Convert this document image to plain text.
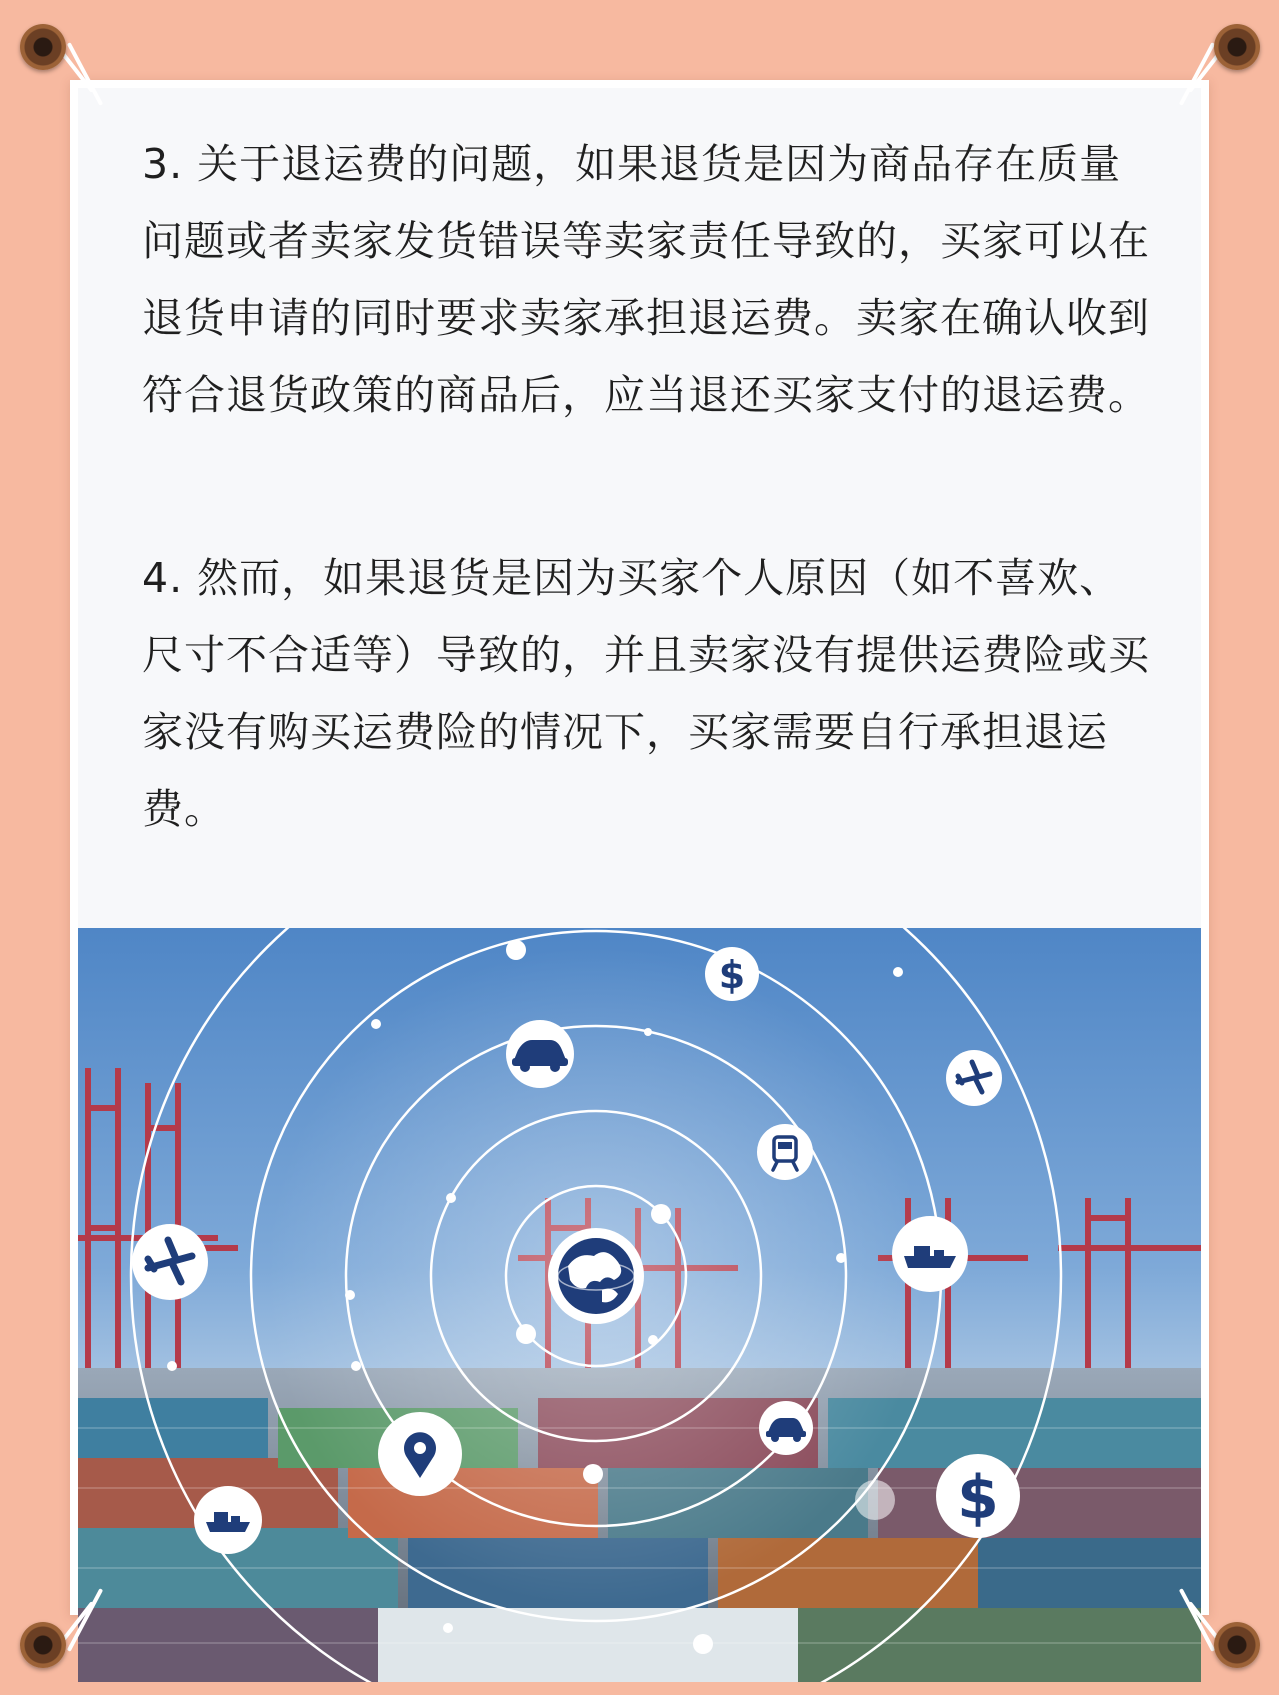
3. 关于退运费的问题，如果退货是因为商品存在质量问题或者卖家发货错误等卖家责任导致的，买家可以在退货申请的同时要求卖家承担退运费。卖家在确认收到符合退货政策的商品后，应当退还买家支付的退运费。

4. 然而，如果退货是因为买家个人原因（如不喜欢、尺寸不合适等）导致的，并且卖家没有提供运费险或买家没有购买运费险的情况下，买家需要自行承担退运费。

$
$
